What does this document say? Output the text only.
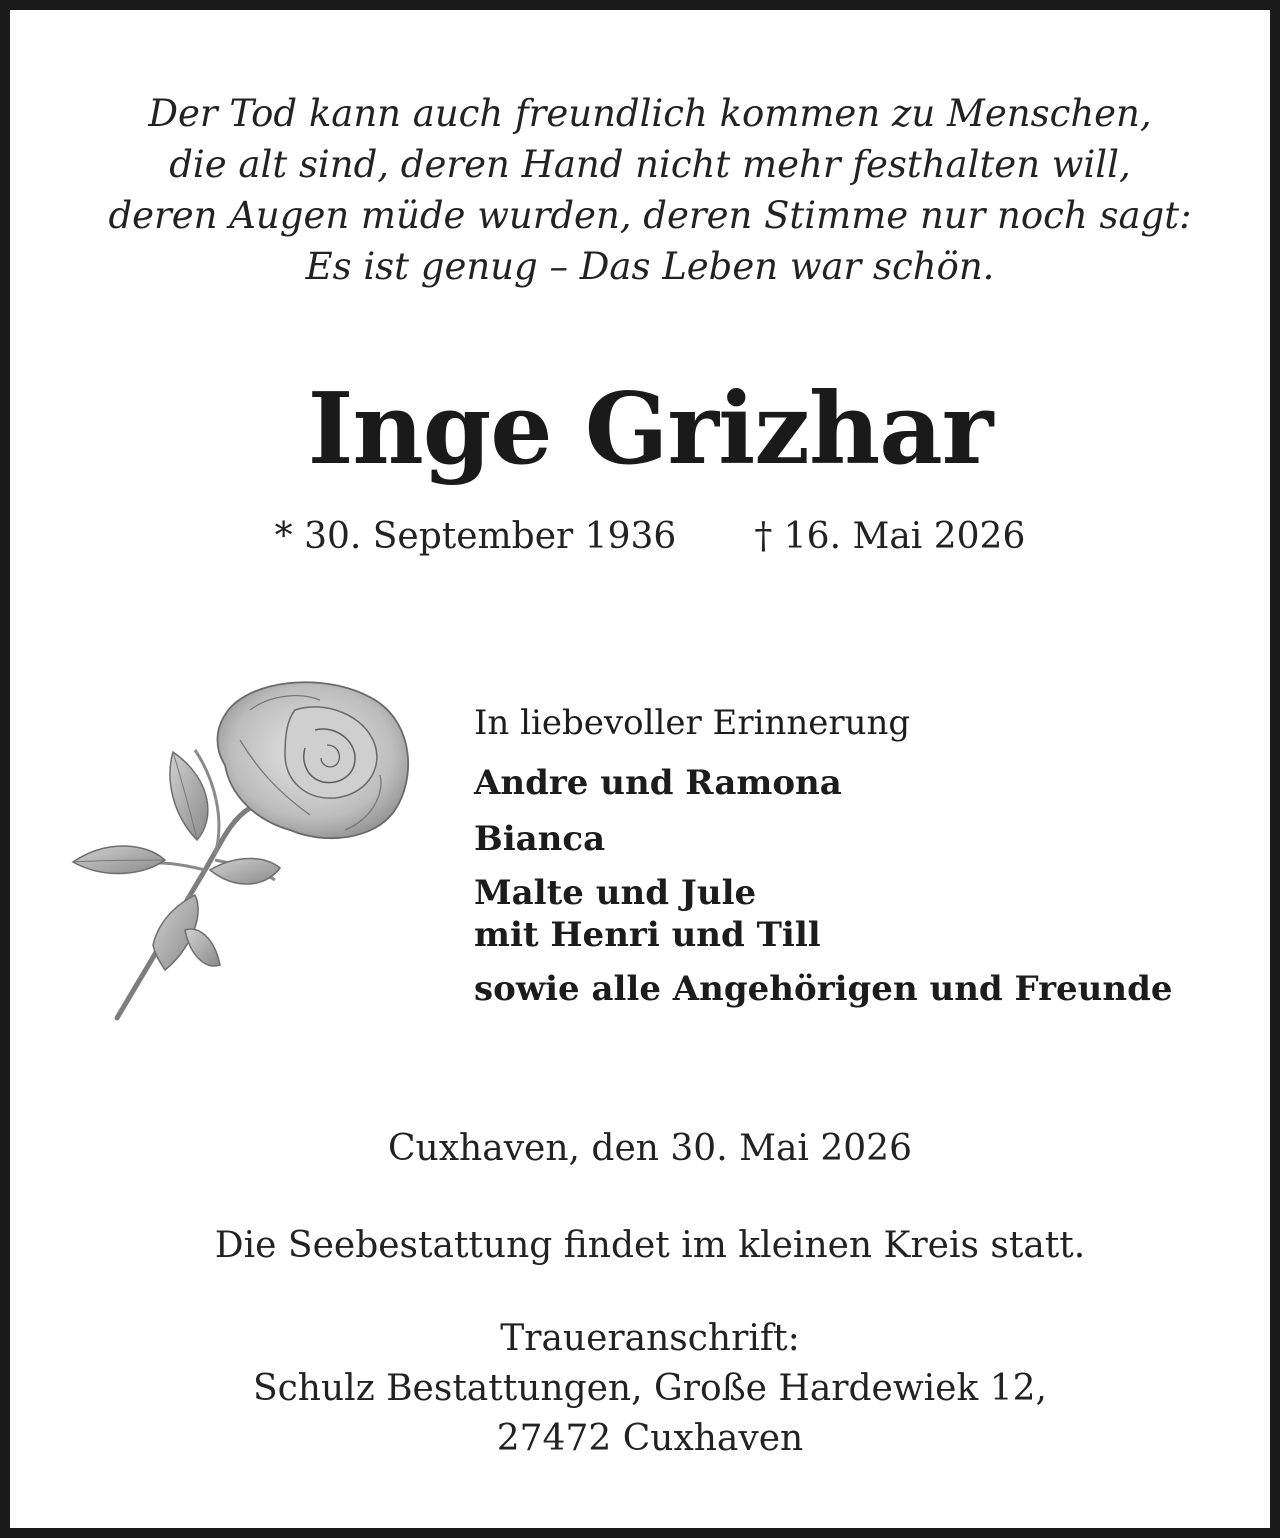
Der Tod kann auch freundlich kommen zu Menschen,
die alt sind, deren Hand nicht mehr festhalten will,
deren Augen müde wurden, deren Stimme nur noch sagt:
Es ist genug – Das Leben war schön.
Inge Grizhar
* 30. September 1936 † 16. Mai 2026
In liebevoller Erinnerung
Andre und Ramona
Bianca
Malte und Jule
mit Henri und Till
sowie alle Angehörigen und Freunde
Cuxhaven, den 30. Mai 2026
Die Seebestattung findet im kleinen Kreis statt.
Traueranschrift:
Schulz Bestattungen, Große Hardewiek 12,
27472 Cuxhaven
